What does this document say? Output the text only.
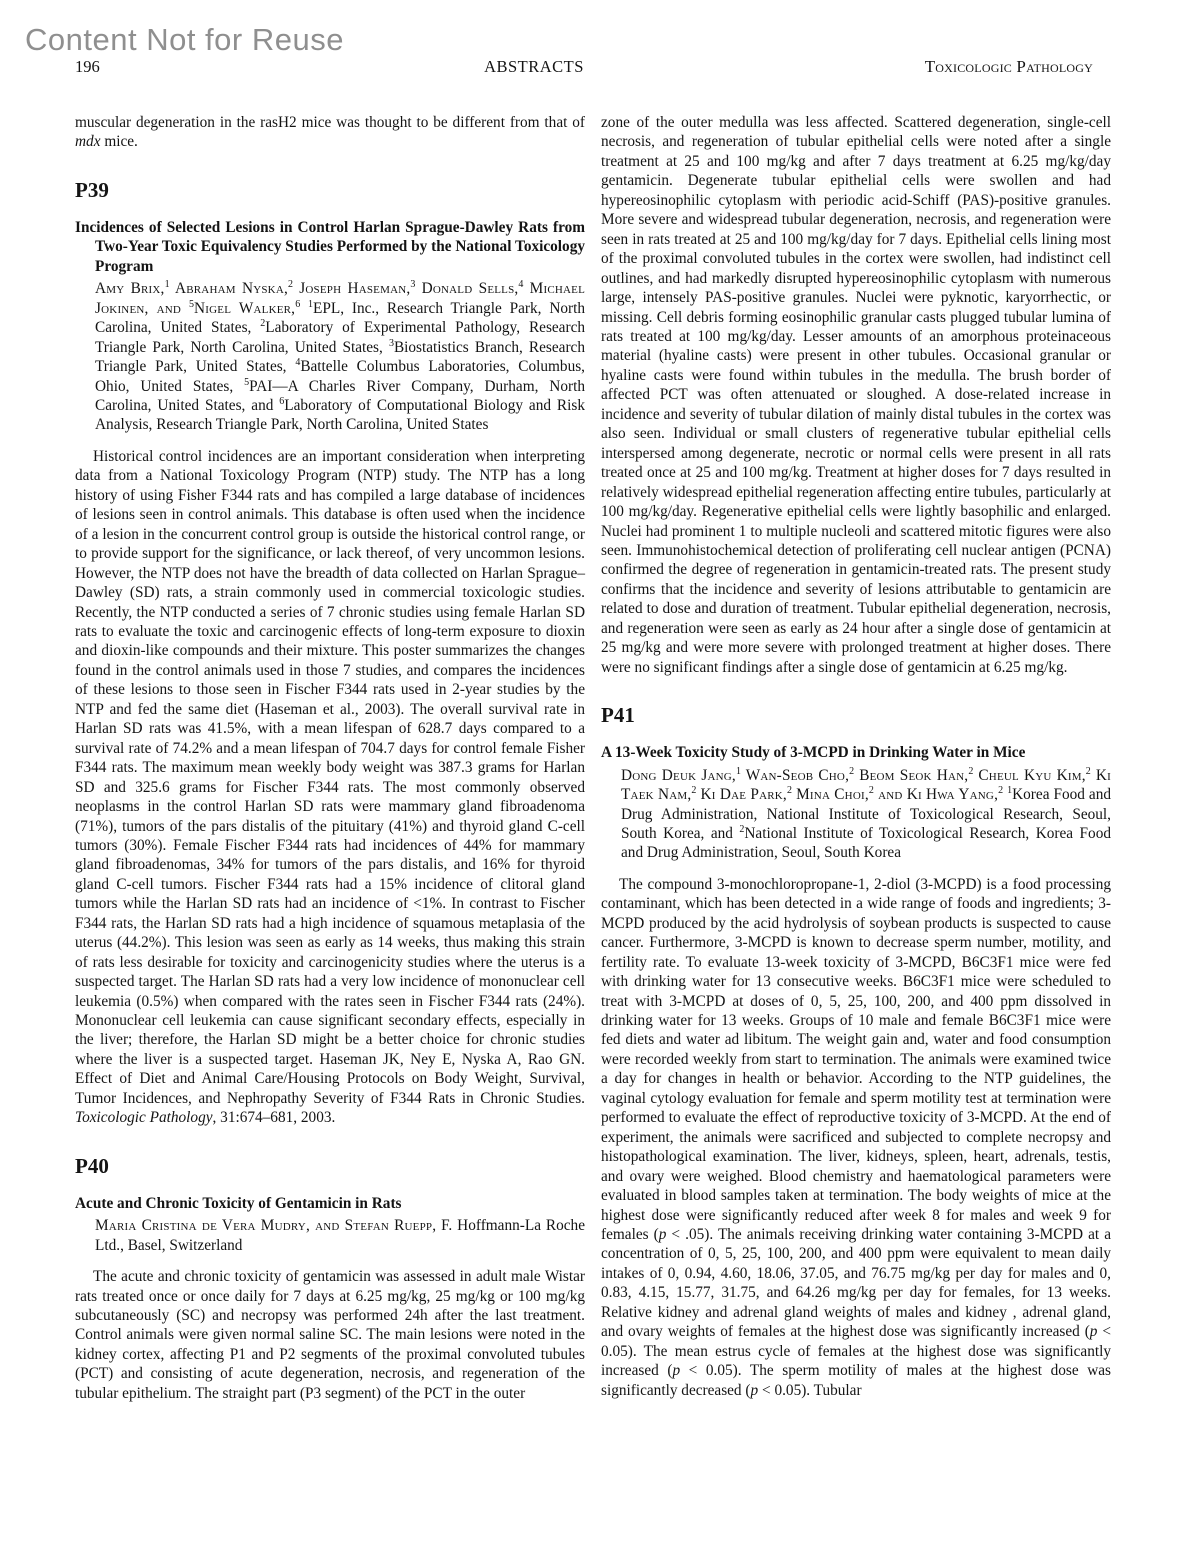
Content Not for Reuse
196	ABSTRACTS	Toxicologic Pathology

muscular degeneration in the rasH2 mice was thought to be different from that of mdx mice.

P39

Incidences of Selected Lesions in Control Harlan Sprague-Dawley Rats from Two-Year Toxic Equivalency Studies Performed by the National Toxicology Program

Amy Brix,$^1$ Abraham Nyska,$^2$ Joseph Haseman,$^3$ Donald Sells,$^4$ Michael Jokinen, and $^5$Nigel Walker,$^6$ $^1$EPL, Inc., Research Triangle Park, North Carolina, United States, $^2$Laboratory of Experimental Pathology, Research Triangle Park, North Carolina, United States, $^3$Biostatistics Branch, Research Triangle Park, United States, $^4$Battelle Columbus Laboratories, Columbus, Ohio, United States, $^5$PAI—A Charles River Company, Durham, North Carolina, United States, and $^6$Laboratory of Computational Biology and Risk Analysis, Research Triangle Park, North Carolina, United States

Historical control incidences are an important consideration when interpreting data from a National Toxicology Program (NTP) study. The NTP has a long history of using Fisher F344 rats and has compiled a large database of incidences of lesions seen in control animals. This database is often used when the incidence of a lesion in the concurrent control group is outside the historical control range, or to provide support for the significance, or lack thereof, of very uncommon lesions. However, the NTP does not have the breadth of data collected on Harlan Sprague–Dawley (SD) rats, a strain commonly used in commercial toxicologic studies. Recently, the NTP conducted a series of 7 chronic studies using female Harlan SD rats to evaluate the toxic and carcinogenic effects of long-term exposure to dioxin and dioxin-like compounds and their mixture. This poster summarizes the changes found in the control animals used in those 7 studies, and compares the incidences of these lesions to those seen in Fischer F344 rats used in 2-year studies by the NTP and fed the same diet (Haseman et al., 2003). The overall survival rate in Harlan SD rats was 41.5%, with a mean lifespan of 628.7 days compared to a survival rate of 74.2% and a mean lifespan of 704.7 days for control female Fisher F344 rats. The maximum mean weekly body weight was 387.3 grams for Harlan SD and 325.6 grams for Fischer F344 rats. The most commonly observed neoplasms in the control Harlan SD rats were mammary gland fibroadenoma (71%), tumors of the pars distalis of the pituitary (41%) and thyroid gland C-cell tumors (30%). Female Fischer F344 rats had incidences of 44% for mammary gland fibroadenomas, 34% for tumors of the pars distalis, and 16% for thyroid gland C-cell tumors. Fischer F344 rats had a 15% incidence of clitoral gland tumors while the Harlan SD rats had an incidence of <1%. In contrast to Fischer F344 rats, the Harlan SD rats had a high incidence of squamous metaplasia of the uterus (44.2%). This lesion was seen as early as 14 weeks, thus making this strain of rats less desirable for toxicity and carcinogenicity studies where the uterus is a suspected target. The Harlan SD rats had a very low incidence of mononuclear cell leukemia (0.5%) when compared with the rates seen in Fischer F344 rats (24%). Mononuclear cell leukemia can cause significant secondary effects, especially in the liver; therefore, the Harlan SD might be a better choice for chronic studies where the liver is a suspected target. Haseman JK, Ney E, Nyska A, Rao GN. Effect of Diet and Animal Care/Housing Protocols on Body Weight, Survival, Tumor Incidences, and Nephropathy Severity of F344 Rats in Chronic Studies. Toxicologic Pathology, 31:674–681, 2003.

P40

Acute and Chronic Toxicity of Gentamicin in Rats

Maria Cristina de Vera Mudry, and Stefan Ruepp, F. Hoffmann-La Roche Ltd., Basel, Switzerland

The acute and chronic toxicity of gentamicin was assessed in adult male Wistar rats treated once or once daily for 7 days at 6.25 mg/kg, 25 mg/kg or 100 mg/kg subcutaneously (SC) and necropsy was performed 24h after the last treatment. Control animals were given normal saline SC. The main lesions were noted in the kidney cortex, affecting P1 and P2 segments of the proximal convoluted tubules (PCT) and consisting of acute degeneration, necrosis, and regeneration of the tubular epithelium. The straight part (P3 segment) of the PCT in the outer

zone of the outer medulla was less affected. Scattered degeneration, single-cell necrosis, and regeneration of tubular epithelial cells were noted after a single treatment at 25 and 100 mg/kg and after 7 days treatment at 6.25 mg/kg/day gentamicin. Degenerate tubular epithelial cells were swollen and had hypereosinophilic cytoplasm with periodic acid-Schiff (PAS)-positive granules. More severe and widespread tubular degeneration, necrosis, and regeneration were seen in rats treated at 25 and 100 mg/kg/day for 7 days. Epithelial cells lining most of the proximal convoluted tubules in the cortex were swollen, had indistinct cell outlines, and had markedly disrupted hypereosinophilic cytoplasm with numerous large, intensely PAS-positive granules. Nuclei were pyknotic, karyorrhectic, or missing. Cell debris forming eosinophilic granular casts plugged tubular lumina of rats treated at 100 mg/kg/day. Lesser amounts of an amorphous proteinaceous material (hyaline casts) were present in other tubules. Occasional granular or hyaline casts were found within tubules in the medulla. The brush border of affected PCT was often attenuated or sloughed. A dose-related increase in incidence and severity of tubular dilation of mainly distal tubules in the cortex was also seen. Individual or small clusters of regenerative tubular epithelial cells interspersed among degenerate, necrotic or normal cells were present in all rats treated once at 25 and 100 mg/kg. Treatment at higher doses for 7 days resulted in relatively widespread epithelial regeneration affecting entire tubules, particularly at 100 mg/kg/day. Regenerative epithelial cells were lightly basophilic and enlarged. Nuclei had prominent 1 to multiple nucleoli and scattered mitotic figures were also seen. Immunohistochemical detection of proliferating cell nuclear antigen (PCNA) confirmed the degree of regeneration in gentamicin-treated rats. The present study confirms that the incidence and severity of lesions attributable to gentamicin are related to dose and duration of treatment. Tubular epithelial degeneration, necrosis, and regeneration were seen as early as 24 hour after a single dose of gentamicin at 25 mg/kg and were more severe with prolonged treatment at higher doses. There were no significant findings after a single dose of gentamicin at 6.25 mg/kg.

P41

A 13-Week Toxicity Study of 3-MCPD in Drinking Water in Mice

Dong Deuk Jang,$^1$ Wan-Seob Cho,$^2$ Beom Seok Han,$^2$ Cheul Kyu Kim,$^2$ Ki Taek Nam,$^2$ Ki Dae Park,$^2$ Mina Choi,$^2$ and Ki Hwa Yang,$^2$ $^1$Korea Food and Drug Administration, National Institute of Toxicological Research, Seoul, South Korea, and $^2$National Institute of Toxicological Research, Korea Food and Drug Administration, Seoul, South Korea

The compound 3-monochloropropane-1, 2-diol (3-MCPD) is a food processing contaminant, which has been detected in a wide range of foods and ingredients; 3-MCPD produced by the acid hydrolysis of soybean products is suspected to cause cancer. Furthermore, 3-MCPD is known to decrease sperm number, motility, and fertility rate. To evaluate 13-week toxicity of 3-MCPD, B6C3F1 mice were fed with drinking water for 13 consecutive weeks. B6C3F1 mice were scheduled to treat with 3-MCPD at doses of 0, 5, 25, 100, 200, and 400 ppm dissolved in drinking water for 13 weeks. Groups of 10 male and female B6C3F1 mice were fed diets and water ad libitum. The weight gain and, water and food consumption were recorded weekly from start to termination. The animals were examined twice a day for changes in health or behavior. According to the NTP guidelines, the vaginal cytology evaluation for female and sperm motility test at termination were performed to evaluate the effect of reproductive toxicity of 3-MCPD. At the end of experiment, the animals were sacrificed and subjected to complete necropsy and histopathological examination. The liver, kidneys, spleen, heart, adrenals, testis, and ovary were weighed. Blood chemistry and haematological parameters were evaluated in blood samples taken at termination. The body weights of mice at the highest dose were significantly reduced after week 8 for males and week 9 for females (p < .05). The animals receiving drinking water containing 3-MCPD at a concentration of 0, 5, 25, 100, 200, and 400 ppm were equivalent to mean daily intakes of 0, 0.94, 4.60, 18.06, 37.05, and 76.75 mg/kg per day for males and 0, 0.83, 4.15, 15.77, 31.75, and 64.26 mg/kg per day for females, for 13 weeks. Relative kidney and adrenal gland weights of males and kidney , adrenal gland, and ovary weights of females at the highest dose was significantly increased (p < 0.05). The mean estrus cycle of females at the highest dose was significantly increased (p < 0.05). The sperm motility of males at the highest dose was significantly decreased (p < 0.05). Tubular
